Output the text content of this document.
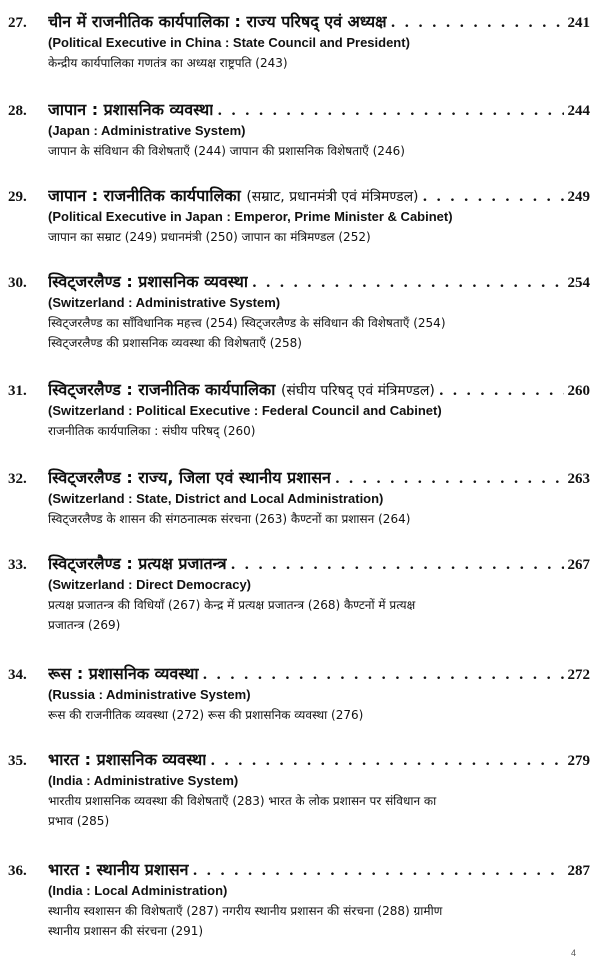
27.	चीन में राजनीतिक कार्यपालिका : राज्य परिषद् एवं अध्यक्ष . . .	241
(Political Executive in China : State Council and President)
केन्द्रीय कार्यपालिका गणतंत्र का अध्यक्ष राष्ट्रपति (243)
28.	जापान : प्रशासनिक व्यवस्था . . .	244
(Japan : Administrative System)
जापान के संविधान की विशेषताएँ (244) जापान की प्रशासनिक विशेषताएँ (246)
29.	जापान : राजनीतिक कार्यपालिका (सम्राट, प्रधानमंत्री एवं मंत्रिमण्डल) . . .	249
(Political Executive in Japan : Emperor, Prime Minister & Cabinet)
जापान का सम्राट (249) प्रधानमंत्री (250) जापान का मंत्रिमण्डल (252)
30.	स्विट्जरलैण्ड : प्रशासनिक व्यवस्था . . .	254
(Switzerland : Administrative System)
स्विट्जरलैण्ड का साँविधानिक महत्त्व (254) स्विट्जरलैण्ड के संविधान की विशेषताएँ (254)
स्विट्जरलैण्ड की प्रशासनिक व्यवस्था की विशेषताएँ (258)
31.	स्विट्जरलैण्ड : राजनीतिक कार्यपालिका (संघीय परिषद् एवं मंत्रिमण्डल) . . .	260
(Switzerland : Political Executive : Federal Council and Cabinet)
राजनीतिक कार्यपालिका : संघीय परिषद् (260)
32.	स्विट्जरलैण्ड : राज्य, जिला एवं स्थानीय प्रशासन . . .	263
(Switzerland : State, District and Local Administration)
स्विट्जरलैण्ड के शासन की संगठनात्मक संरचना (263) कैण्टनों का प्रशासन (264)
33.	स्विट्जरलैण्ड : प्रत्यक्ष प्रजातन्त्र . . .	267
(Switzerland : Direct Democracy)
प्रत्यक्ष प्रजातन्त्र की विधियाँ (267) केन्द्र में प्रत्यक्ष प्रजातन्त्र (268) कैण्टनों में प्रत्यक्ष
प्रजातन्त्र (269)
34.	रूस : प्रशासनिक व्यवस्था . . .	272
(Russia : Administrative System)
रूस की राजनीतिक व्यवस्था (272) रूस की प्रशासनिक व्यवस्था (276)
35.	भारत : प्रशासनिक व्यवस्था . . .	279
(India : Administrative System)
भारतीय प्रशासनिक व्यवस्था की विशेषताएँ (283) भारत के लोक प्रशासन पर संविधान का
प्रभाव (285)
36.	भारत : स्थानीय प्रशासन . . .	287
(India : Local Administration)
स्थानीय स्वशासन की विशेषताएँ (287) नगरीय स्थानीय प्रशासन की संरचना (288) ग्रामीण
स्थानीय प्रशासन की संरचना (291)
4
